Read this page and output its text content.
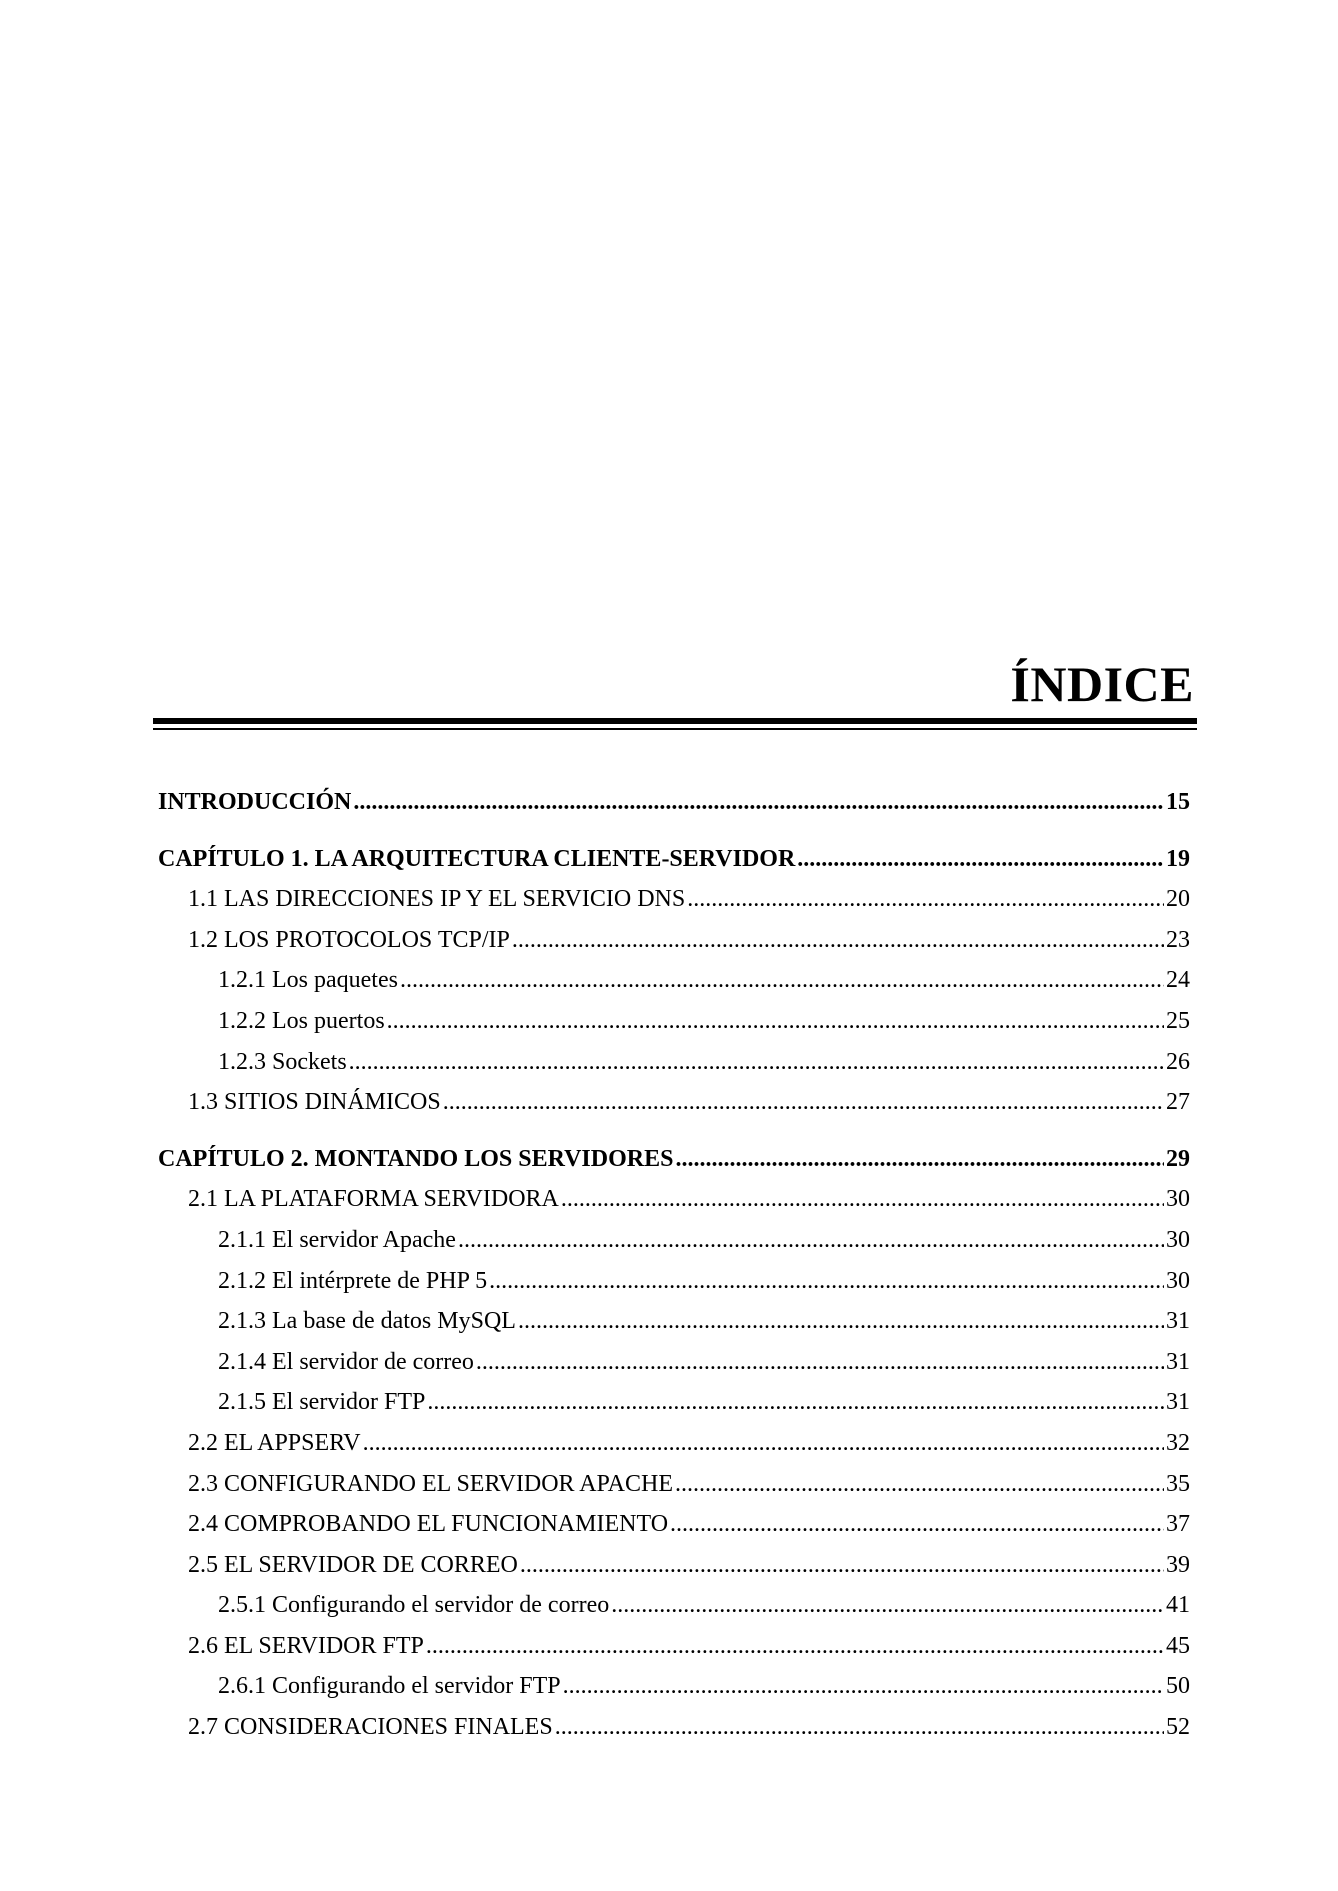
ÍNDICE
INTRODUCCIÓN .....	15
CAPÍTULO 1. LA ARQUITECTURA CLIENTE-SERVIDOR .....	19
1.1 LAS DIRECCIONES IP Y EL SERVICIO DNS .....	20
1.2 LOS PROTOCOLOS TCP/IP .....	23
1.2.1 Los paquetes .....	24
1.2.2 Los puertos .....	25
1.2.3 Sockets .....	26
1.3 SITIOS DINÁMICOS .....	27
CAPÍTULO 2. MONTANDO LOS SERVIDORES .....	29
2.1 LA PLATAFORMA SERVIDORA .....	30
2.1.1 El servidor Apache .....	30
2.1.2 El intérprete de PHP 5 .....	30
2.1.3 La base de datos MySQL .....	31
2.1.4 El servidor de correo .....	31
2.1.5 El servidor FTP .....	31
2.2 EL APPSERV .....	32
2.3 CONFIGURANDO EL SERVIDOR APACHE .....	35
2.4 COMPROBANDO EL FUNCIONAMIENTO .....	37
2.5 EL SERVIDOR DE CORREO .....	39
2.5.1 Configurando el servidor de correo .....	41
2.6 EL SERVIDOR FTP .....	45
2.6.1 Configurando el servidor FTP .....	50
2.7 CONSIDERACIONES FINALES .....	52
